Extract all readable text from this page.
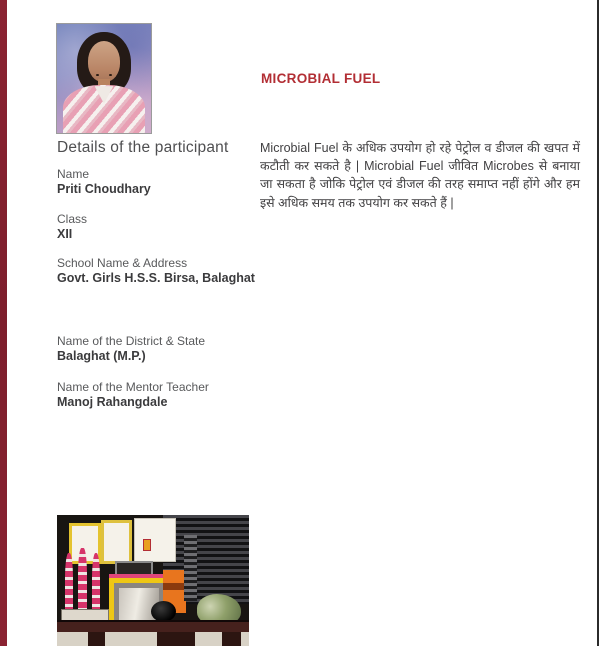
MICROBIAL FUEL
Details of the participant
Name
Priti Choudhary
Class
XII
School Name & Address
Govt. Girls H.S.S. Birsa, Balaghat
Name of the District & State
Balaghat (M.P.)
Name of the Mentor Teacher
Manoj Rahangdale

Microbial Fuel के अधिक उपयोग हो रहे पेट्रोल व डीजल की खपत में कटौती कर सकते है | Microbial Fuel जीवित Microbes से बनाया जा सकता है जोकि पेट्रोल एवं डीजल की तरह समाप्त नहीं होंगे और हम इसे अधिक समय तक उपयोग कर सकते हैं |
